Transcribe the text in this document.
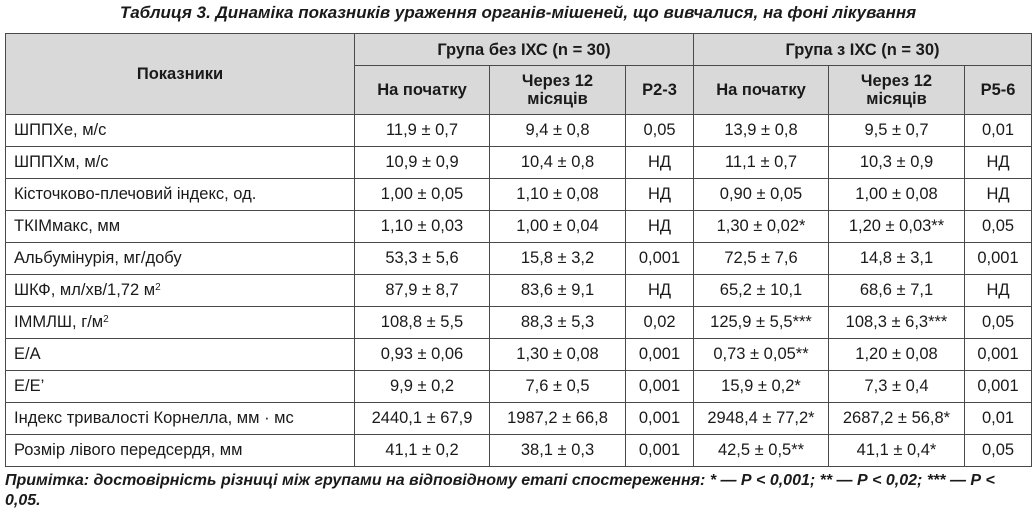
Таблиця 3. Динаміка показників ураження органів-мішеней, що вивчалися, на фоні лікування
Показники	Група без ІХС (n = 30)			Група з ІХС (n = 30)		
	На початку	Через 12 місяців	Р2-3	На початку	Через 12 місяців	Р5-6
ШППХе, м/с	11,9 ± 0,7	9,4 ± 0,8	0,05	13,9 ± 0,8	9,5 ± 0,7	0,01
ШППХм, м/с	10,9 ± 0,9	10,4 ± 0,8	НД	11,1 ± 0,7	10,3 ± 0,9	НД
Кісточково-плечовий індекс, од.	1,00 ± 0,05	1,10 ± 0,08	НД	0,90 ± 0,05	1,00 ± 0,08	НД
ТКІМмакс, мм	1,10 ± 0,03	1,00 ± 0,04	НД	1,30 ± 0,02*	1,20 ± 0,03**	0,05
Альбумінурія, мг/добу	53,3 ± 5,6	15,8 ± 3,2	0,001	72,5 ± 7,6	14,8 ± 3,1	0,001
ШКФ, мл/хв/1,72 $м^2$	87,9 ± 8,7	83,6 ± 9,1	НД	65,2 ± 10,1	68,6 ± 7,1	НД
ІММЛШ, $г/м^2$	108,8 ± 5,5	88,3 ± 5,3	0,02	125,9 ± 5,5***	108,3 ± 6,3***	0,05
E/A	0,93 ± 0,06	1,30 ± 0,08	0,001	0,73 ± 0,05**	1,20 ± 0,08	0,001
E/E’	9,9 ± 0,2	7,6 ± 0,5	0,001	15,9 ± 0,2*	7,3 ± 0,4	0,001
Індекс тривалості Корнелла, мм · мс	2440,1 ± 67,9	1987,2 ± 66,8	0,001	2948,4 ± 77,2*	2687,2 ± 56,8*	0,01
Розмір лівого передсердя, мм	41,1 ± 0,2	38,1 ± 0,3	0,001	42,5 ± 0,5**	41,1 ± 0,4*	0,05
Примітка: достовірність різниці між групами на відповідному етапі спостереження: * — Р < 0,001; ** — Р < 0,02; *** — Р < 0,05.
